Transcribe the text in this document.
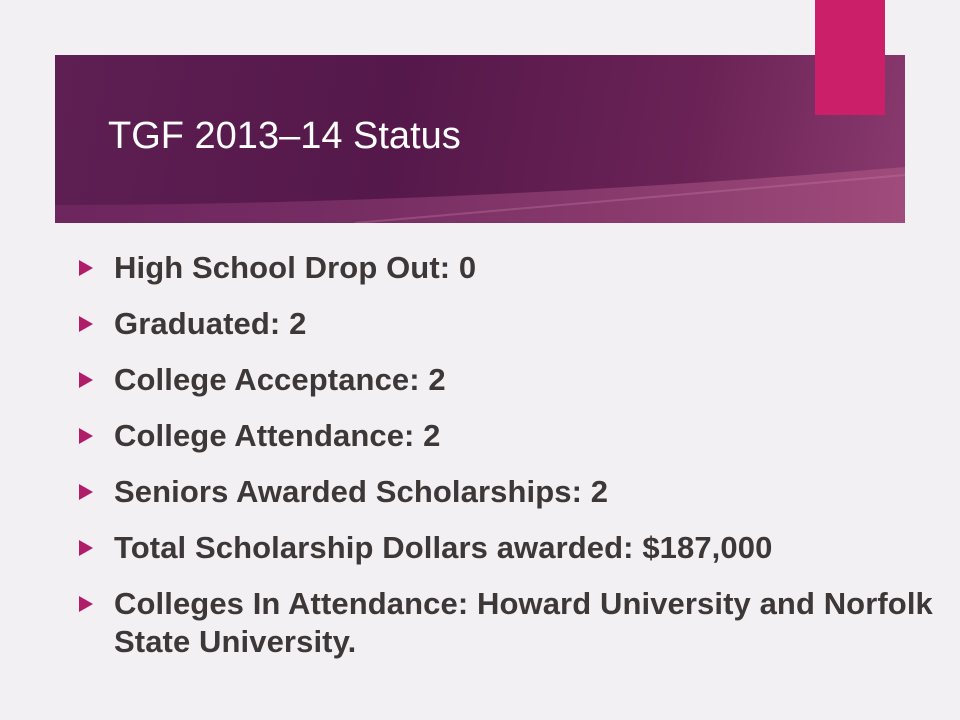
TGF 2013–14 Status
High School Drop Out: 0
Graduated: 2
College Acceptance: 2
College Attendance: 2
Seniors Awarded Scholarships: 2
Total Scholarship Dollars awarded: $187,000
Colleges In Attendance: Howard University and Norfolk State University.
